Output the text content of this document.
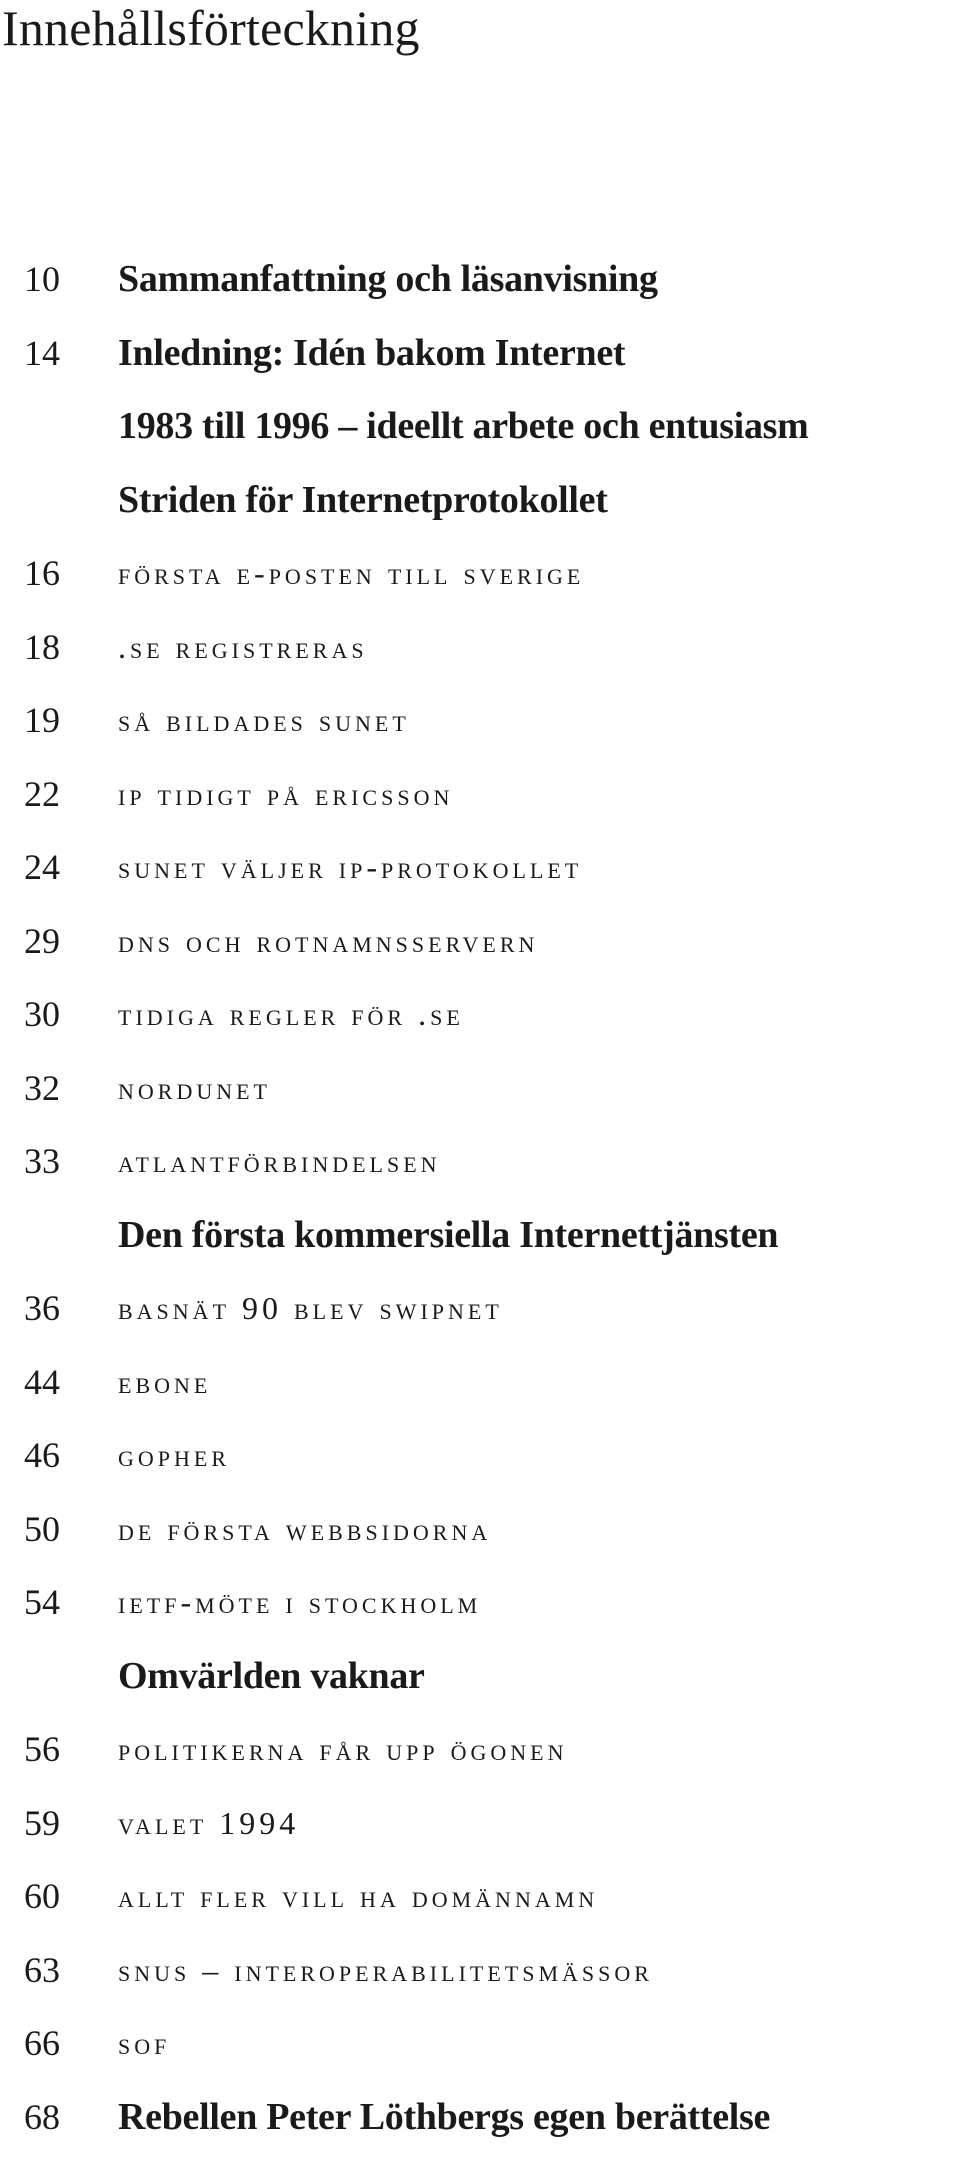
Innehållsförteckning
10 Sammanfattning och läsanvisning
14 Inledning: Idén bakom Internet
1983 till 1996 – ideellt arbete och entusiasm
Striden för Internetprotokollet
16 första e-posten till sverige
18 .se registreras
19 så bildades sunet
22 ip tidigt på ericsson
24 sunet väljer ip-protokollet
29 dns och rotnamnsservern
30 tidiga regler för .se
32 nordunet
33 atlantförbindelsen
Den första kommersiella Internettjänsten
36 basnät 90 blev swipnet
44 ebone
46 gopher
50 de första webbsidorna
54 ietf-möte i stockholm
Omvärlden vaknar
56 politikerna får upp ögonen
59 valet 1994
60 allt fler vill ha domännamn
63 snus – interoperabilitetsmässor
66 sof
68 Rebellen Peter Löthbergs egen berättelse
